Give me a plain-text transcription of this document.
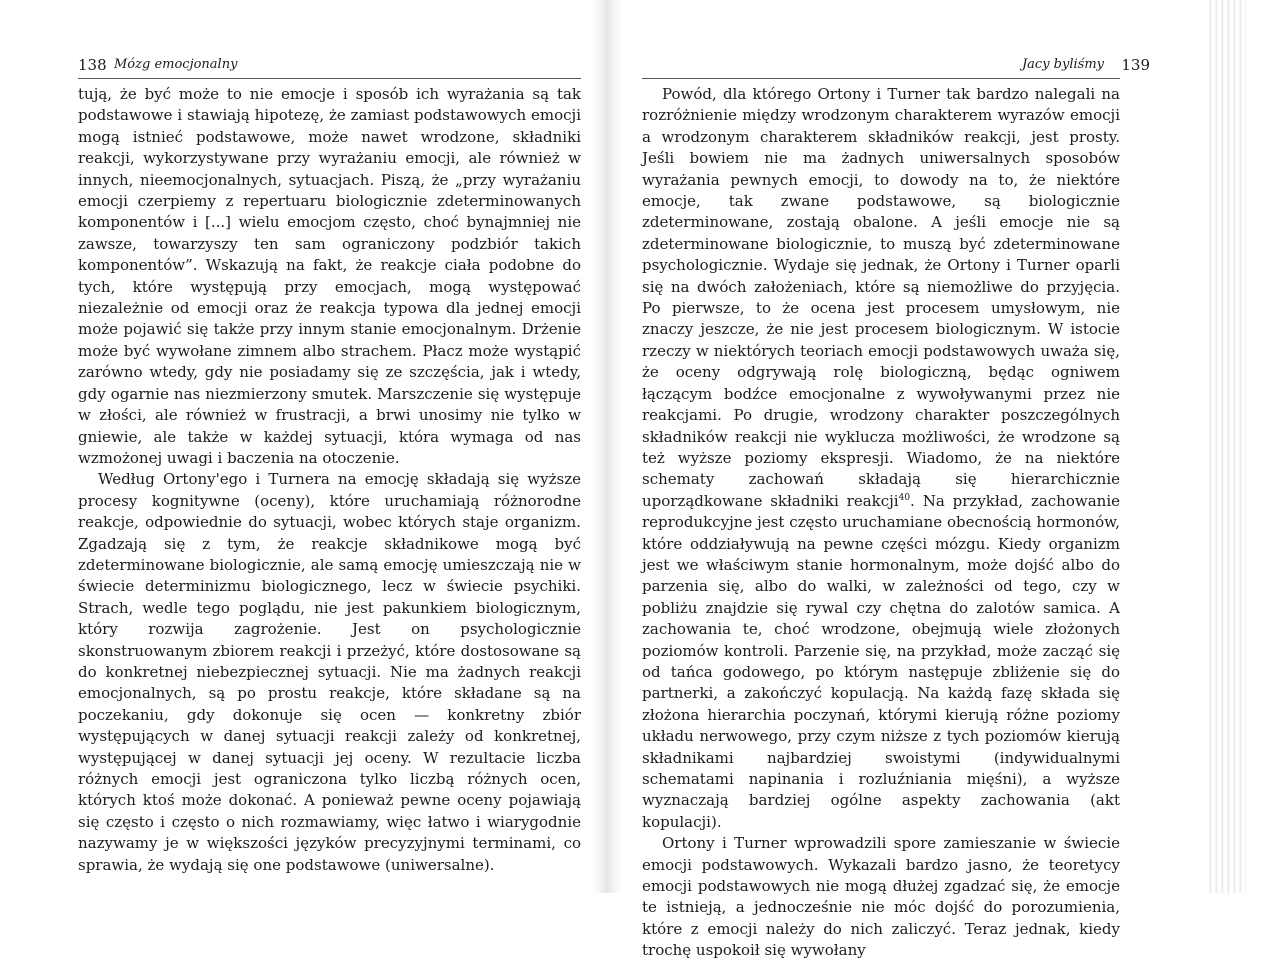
138 Mózg emocjonalny

tują, że być może to nie emocje i sposób ich wyrażania są tak podstawowe i stawiają hipotezę, że zamiast podstawowych emocji mogą istnieć podstawowe, może nawet wrodzone, składniki reakcji, wykorzystywane przy wyrażaniu emocji, ale również w innych, nieemocjonalnych, sytuacjach. Piszą, że „przy wyrażaniu emocji czerpiemy z repertuaru biologicznie zdeterminowanych komponentów i [...] wielu emocjom często, choć bynajmniej nie zawsze, towarzyszy ten sam ograniczony podzbiór takich komponentów”. Wskazują na fakt, że reakcje ciała podobne do tych, które występują przy emocjach, mogą występować niezależnie od emocji oraz że reakcja typowa dla jednej emocji może pojawić się także przy innym stanie emocjonalnym. Drżenie może być wywołane zimnem albo strachem. Płacz może wystąpić zarówno wtedy, gdy nie posiadamy się ze szczęścia, jak i wtedy, gdy ogarnie nas niezmierzony smutek. Marszczenie się występuje w złości, ale również w frustracji, a brwi unosimy nie tylko w gniewie, ale także w każdej sytuacji, która wymaga od nas wzmożonej uwagi i baczenia na otoczenie.

Według Ortony'ego i Turnera na emocję składają się wyższe procesy kognitywne (oceny), które uruchamiają różnorodne reakcje, odpowiednie do sytuacji, wobec których staje organizm. Zgadzają się z tym, że reakcje składnikowe mogą być zdeterminowane biologicznie, ale samą emocję umieszczają nie w świecie determinizmu biologicznego, lecz w świecie psychiki. Strach, wedle tego poglądu, nie jest pakunkiem biologicznym, który rozwija zagrożenie. Jest on psychologicznie skonstruowanym zbiorem reakcji i przeżyć, które dostosowane są do konkretnej niebezpiecznej sytuacji. Nie ma żadnych reakcji emocjonalnych, są po prostu reakcje, które składane są na poczekaniu, gdy dokonuje się ocen — konkretny zbiór występujących w danej sytuacji reakcji zależy od konkretnej, występującej w danej sytuacji jej oceny. W rezultacie liczba różnych emocji jest ograniczona tylko liczbą różnych ocen, których ktoś może dokonać. A ponieważ pewne oceny pojawiają się często i często o nich rozmawiamy, więc łatwo i wiarygodnie nazywamy je w większości języków precyzyjnymi terminami, co sprawia, że wydają się one podstawowe (uniwersalne).

Jacy byliśmy 139

Powód, dla którego Ortony i Turner tak bardzo nalegali na rozróżnienie między wrodzonym charakterem wyrazów emocji a wrodzonym charakterem składników reakcji, jest prosty. Jeśli bowiem nie ma żadnych uniwersalnych sposobów wyrażania pewnych emocji, to dowody na to, że niektóre emocje, tak zwane podstawowe, są biologicznie zdeterminowane, zostają obalone. A jeśli emocje nie są zdeterminowane biologicznie, to muszą być zdeterminowane psychologicznie. Wydaje się jednak, że Ortony i Turner oparli się na dwóch założeniach, które są niemożliwe do przyjęcia. Po pierwsze, to że ocena jest procesem umysłowym, nie znaczy jeszcze, że nie jest procesem biologicznym. W istocie rzeczy w niektórych teoriach emocji podstawowych uważa się, że oceny odgrywają rolę biologiczną, będąc ogniwem łączącym bodźce emocjonalne z wywoływanymi przez nie reakcjami. Po drugie, wrodzony charakter poszczególnych składników reakcji nie wyklucza możliwości, że wrodzone są też wyższe poziomy ekspresji. Wiadomo, że na niektóre schematy zachowań składają się hierarchicznie uporządkowane składniki reakcji$^{40}$. Na przykład, zachowanie reprodukcyjne jest często uruchamiane obecnością hormonów, które oddziaływują na pewne części mózgu. Kiedy organizm jest we właściwym stanie hormonalnym, może dojść albo do parzenia się, albo do walki, w zależności od tego, czy w pobliżu znajdzie się rywal czy chętna do zalotów samica. A zachowania te, choć wrodzone, obejmują wiele złożonych poziomów kontroli. Parzenie się, na przykład, może zacząć się od tańca godowego, po którym następuje zbliżenie się do partnerki, a zakończyć kopulacją. Na każdą fazę składa się złożona hierarchia poczynań, którymi kierują różne poziomy układu nerwowego, przy czym niższe z tych poziomów kierują składnikami najbardziej swoistymi (indywidualnymi schematami napinania i rozluźniania mięśni), a wyższe wyznaczają bardziej ogólne aspekty zachowania (akt kopulacji).

Ortony i Turner wprowadzili spore zamieszanie w świecie emocji podstawowych. Wykazali bardzo jasno, że teoretycy emocji podstawowych nie mogą dłużej zgadzać się, że emocje te istnieją, a jednocześnie nie móc dojść do porozumienia, które z emocji należy do nich zaliczyć. Teraz jednak, kiedy trochę uspokoił się wywołany
